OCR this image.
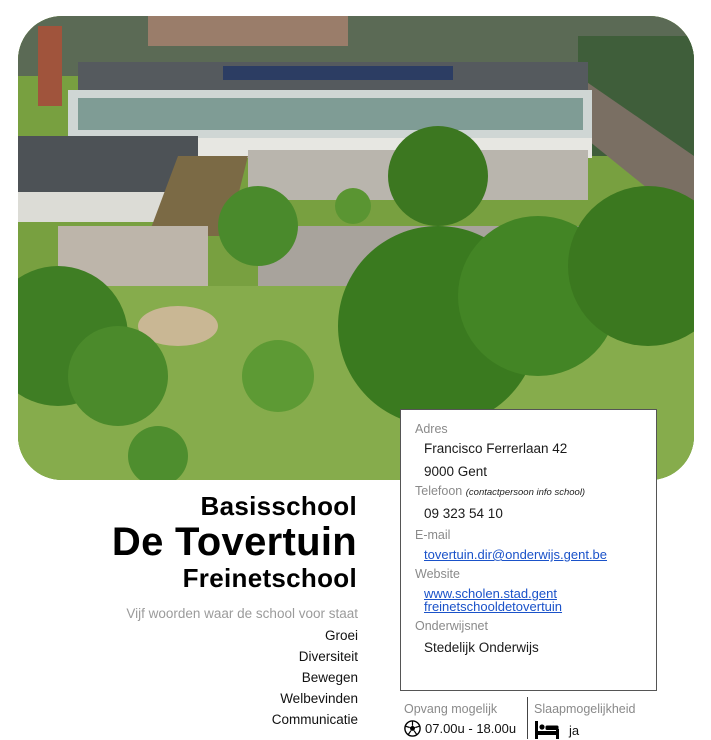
Adres
Francisco Ferrerlaan 42
9000 Gent
Telefoon (contactpersoon info school)
09 323 54 10
E-mail
tovertuin.dir@onderwijs.gent.be
Website
www.scholen.stad.gent
freinetschooldetovertuin
Onderwijsnet
Stedelijk Onderwijs
Basisschool
De Tovertuin
Freinetschool
Vijf woorden waar de school voor staat
Groei
Diversiteit
Bewegen
Welbevinden
Communicatie
Opvang mogelijk
07.00u - 18.00u
Slaapmogelijkheid
ja
